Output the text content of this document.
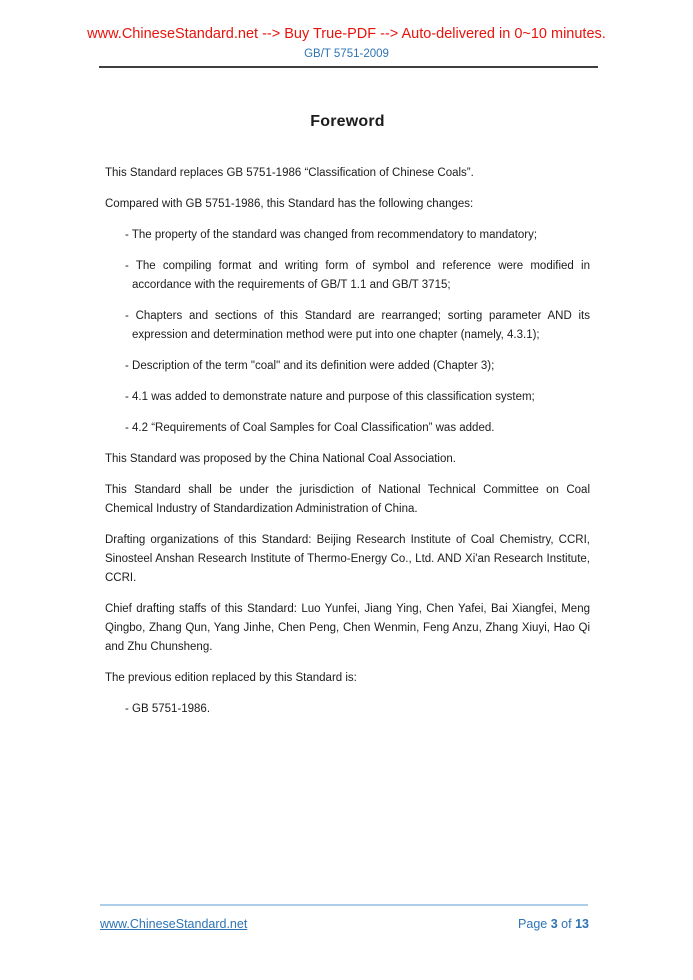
www.ChineseStandard.net --> Buy True-PDF --> Auto-delivered in 0~10 minutes.
GB/T 5751-2009
Foreword

This Standard replaces GB 5751-1986 “Classification of Chinese Coals”.

Compared with GB 5751-1986, this Standard has the following changes:

- The property of the standard was changed from recommendatory to mandatory;

- The compiling format and writing form of symbol and reference were modified in accordance with the requirements of GB/T 1.1 and GB/T 3715;

- Chapters and sections of this Standard are rearranged; sorting parameter AND its expression and determination method were put into one chapter (namely, 4.3.1);

- Description of the term "coal" and its definition were added (Chapter 3);

- 4.1 was added to demonstrate nature and purpose of this classification system;

- 4.2 “Requirements of Coal Samples for Coal Classification” was added.

This Standard was proposed by the China National Coal Association.

This Standard shall be under the jurisdiction of National Technical Committee on Coal Chemical Industry of Standardization Administration of China.

Drafting organizations of this Standard: Beijing Research Institute of Coal Chemistry, CCRI, Sinosteel Anshan Research Institute of Thermo-Energy Co., Ltd. AND Xi'an Research Institute, CCRI.

Chief drafting staffs of this Standard: Luo Yunfei, Jiang Ying, Chen Yafei, Bai Xiangfei, Meng Qingbo, Zhang Qun, Yang Jinhe, Chen Peng, Chen Wenmin, Feng Anzu, Zhang Xiuyi, Hao Qi and Zhu Chunsheng.

The previous edition replaced by this Standard is:

- GB 5751-1986.

www.ChineseStandard.net	Page 3 of 13
